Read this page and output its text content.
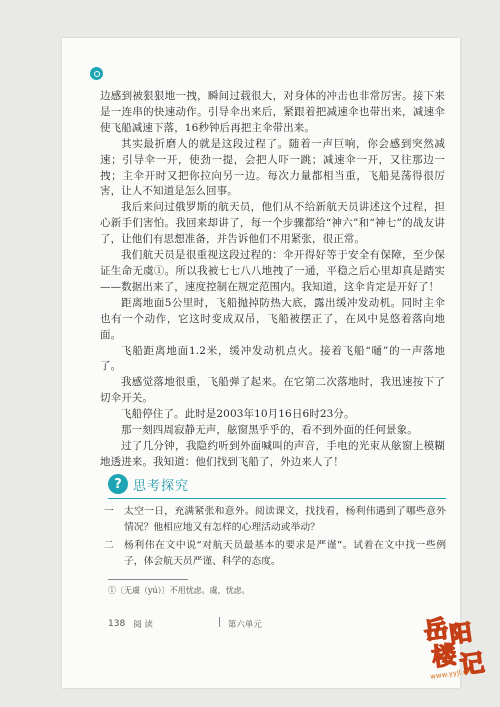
边感到被狠狠地一拽，瞬间过载很大，对身体的冲击也非常厉害。接下来是一连串的快速动作。引导伞出来后，紧跟着把减速伞也带出来，减速伞使飞船减速下落，16秒钟后再把主伞带出来。

其实最折磨人的就是这段过程了。随着一声巨响，你会感到突然减速；引导伞一开，使劲一提，会把人吓一跳；减速伞一开，又往那边一拽；主伞开时又把你拉向另一边。每次力量都相当重，飞船晃荡得很厉害，让人不知道是怎么回事。

我后来问过俄罗斯的航天员，他们从不给新航天员讲述这个过程，担心新手们害怕。我回来却讲了，每一个步骤都给“神六”和“神七”的战友讲了，让他们有思想准备，并告诉他们不用紧张，很正常。

我们航天员是很重视这段过程的：伞开得好等于安全有保障，至少保证生命无虞①。所以我被七七八八地拽了一通，平稳之后心里却真是踏实——数据出来了，速度控制在规定范围内。我知道，这伞肯定是开好了！

距离地面5公里时，飞船抛掉防热大底，露出缓冲发动机。同时主伞也有一个动作，它这时变成双吊，飞船被摆正了，在风中晃悠着落向地面。

飞船距离地面1.2米，缓冲发动机点火。接着飞船“嗵”的一声落地了。

我感觉落地很重，飞船弹了起来。在它第二次落地时，我迅速按下了切伞开关。

飞船停住了。此时是2003年10月16日6时23分。

那一刻四周寂静无声，舷窗黑乎乎的，看不到外面的任何景象。

过了几分钟，我隐约听到外面喊叫的声音，手电的光束从舷窗上模糊地透进来。我知道：他们找到飞船了，外边来人了！

? 思考探究
一	太空一日，充满紧张和意外。阅读课文，找找看，杨利伟遇到了哪些意外情况？他相应地又有怎样的心理活动或举动？
二	杨利伟在文中说“对航天员最基本的要求是严谨”。试着在文中找一些例子，体会航天员严谨、科学的态度。
①〔无虞（yú）〕不用忧虑。虞，忧虑。
138 阅 读	第六单元	岳
阳
楼 记
www.yyjl.cn
